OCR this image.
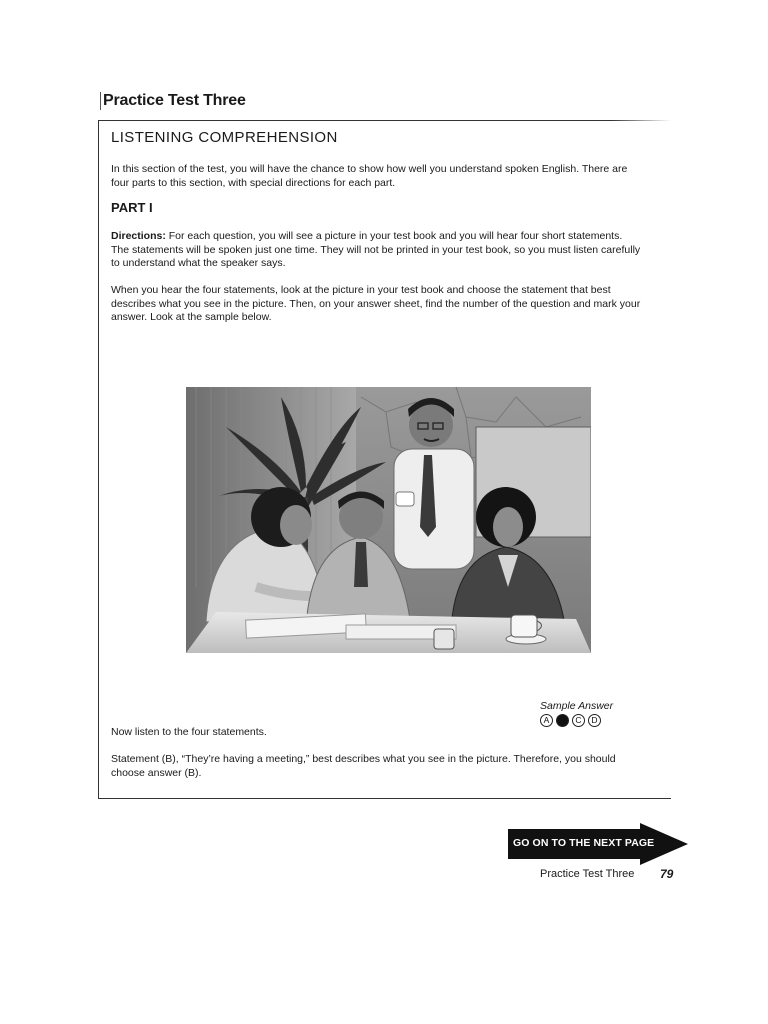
Practice Test Three
LISTENING COMPREHENSION
In this section of the test, you will have the chance to show how well you understand spoken English. There are four parts to this section, with special directions for each part.
PART I
Directions: For each question, you will see a picture in your test book and you will hear four short statements. The statements will be spoken just one time. They will not be printed in your test book, so you must listen carefully to understand what the speaker says.
When you hear the four statements, look at the picture in your test book and choose the statement that best describes what you see in the picture. Then, on your answer sheet, find the number of the question and mark your answer. Look at the sample below.
Sample Answer
A	B	C	D
Now listen to the four statements.
Statement (B), “They’re having a meeting,” best describes what you see in the picture. Therefore, you should choose answer (B).
GO ON TO THE NEXT PAGE
Practice Test Three 79
